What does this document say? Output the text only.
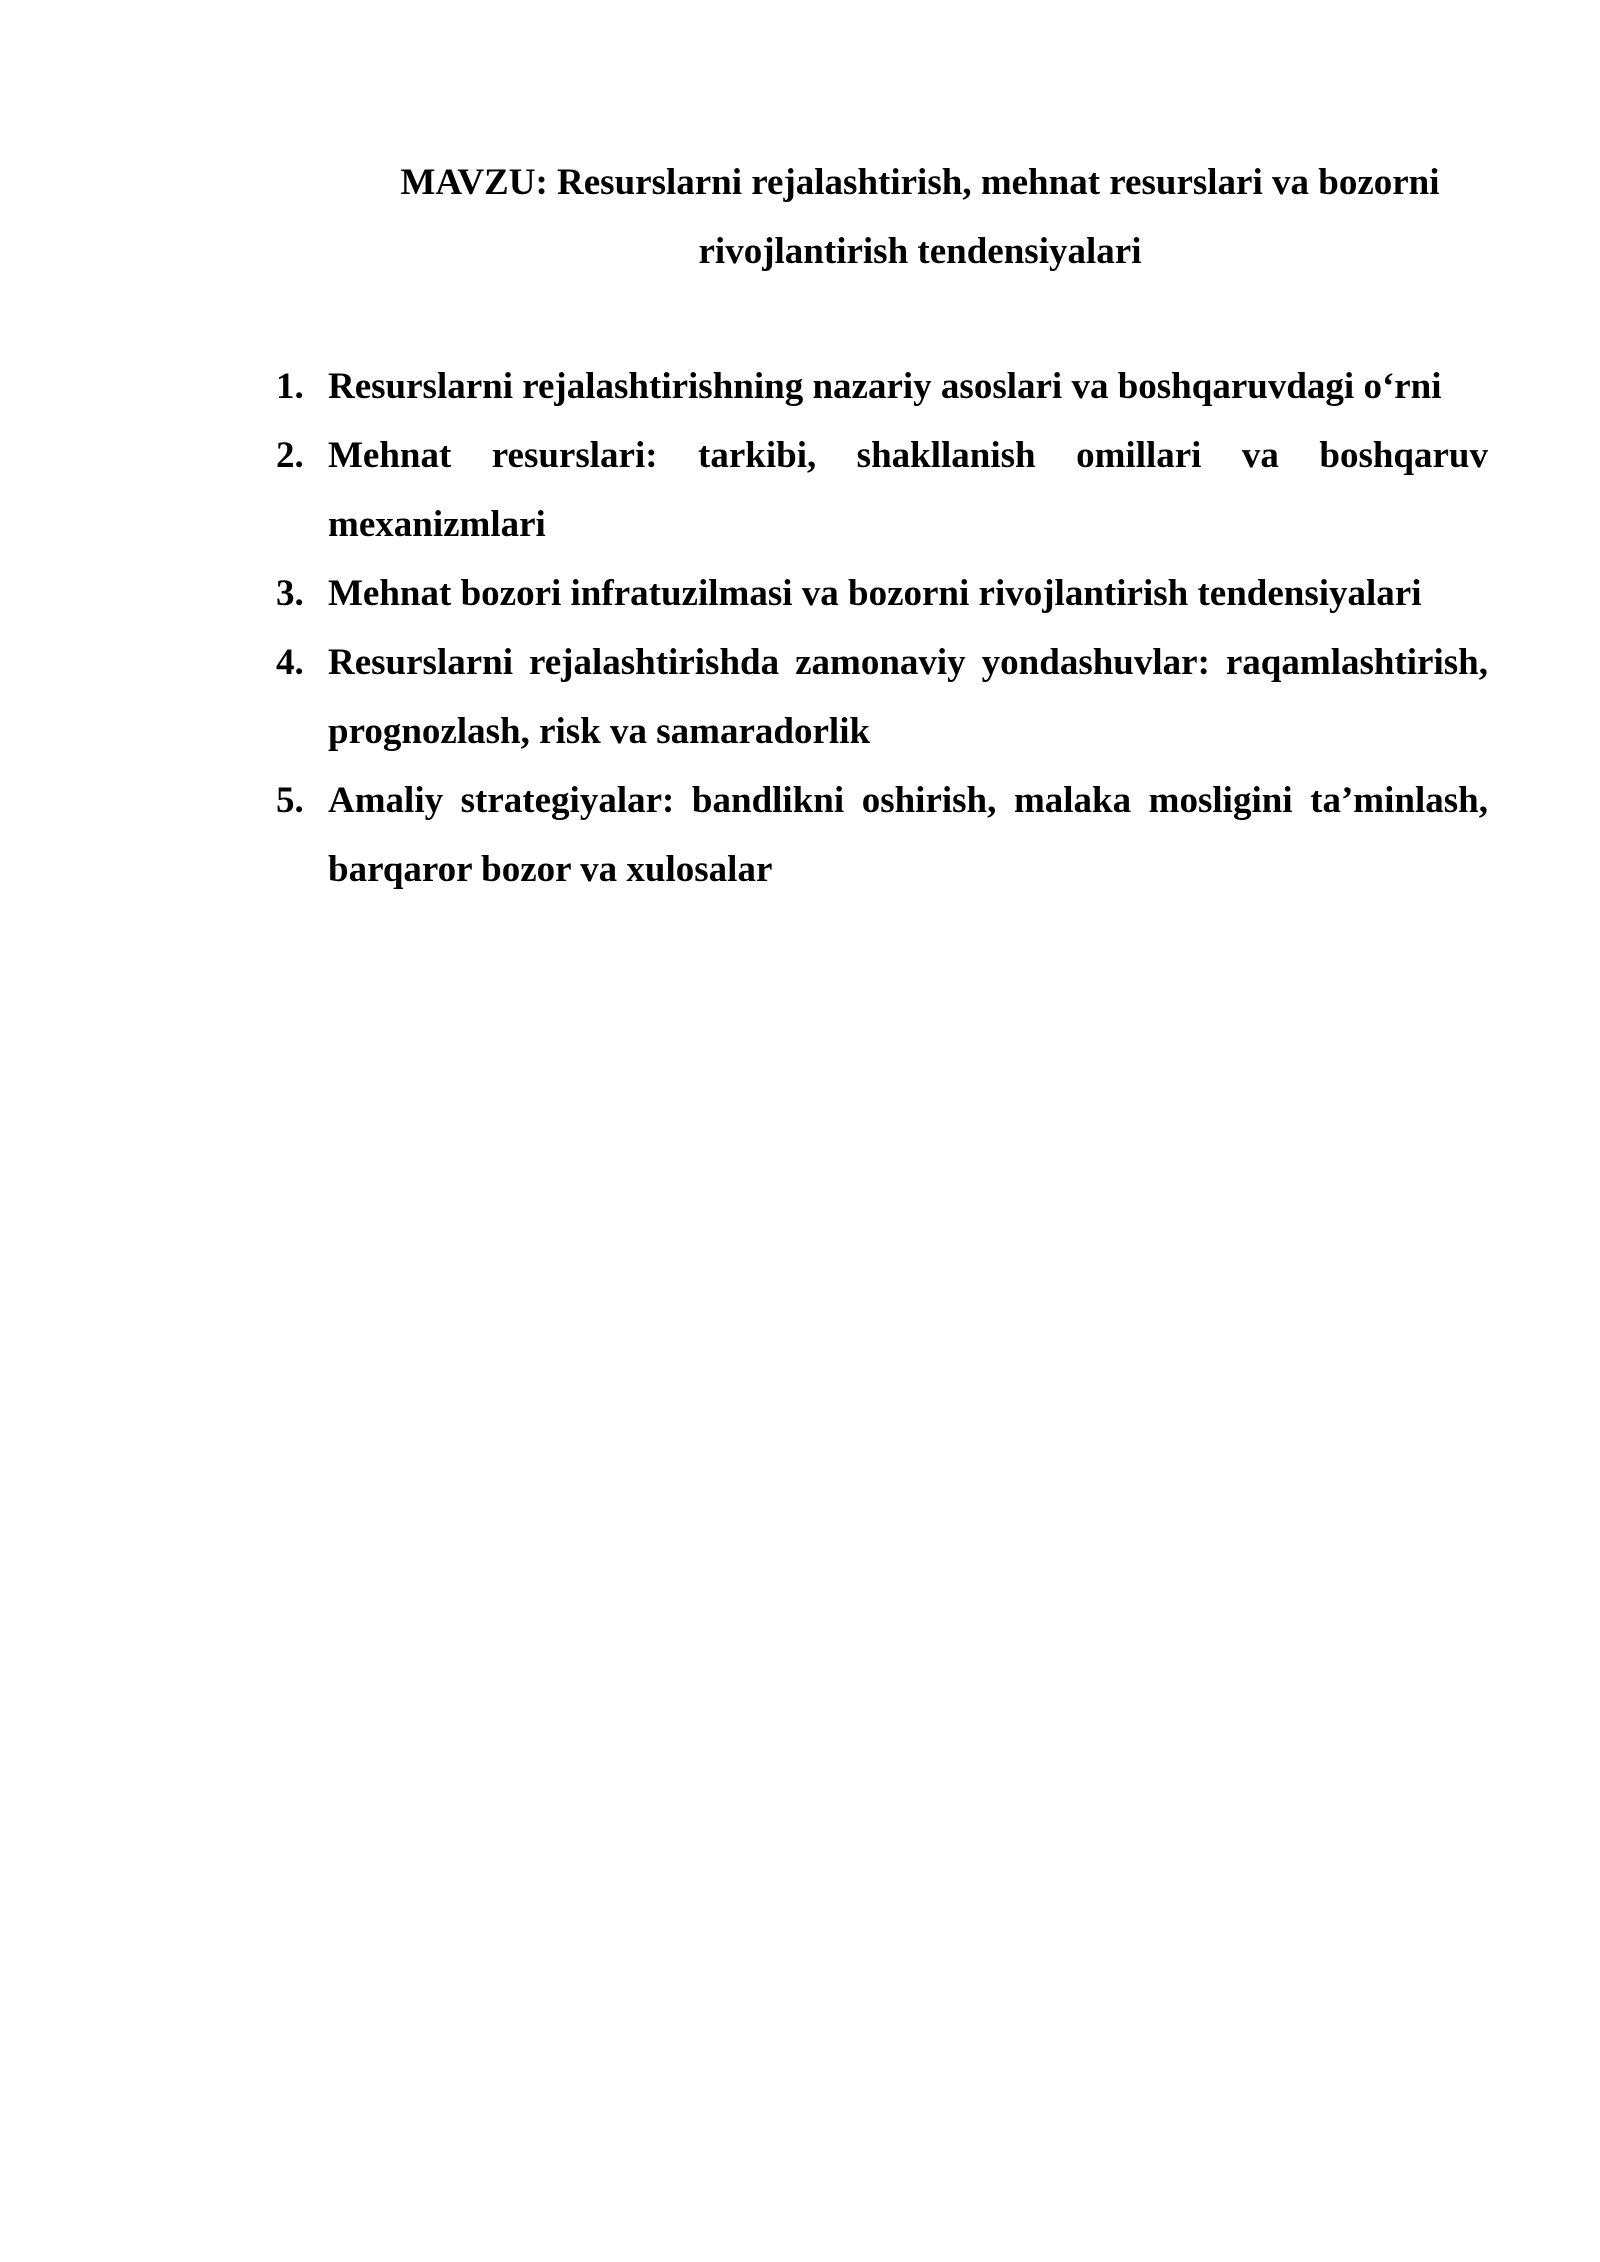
MAVZU: Resurslarni rejalashtirish, mehnat resurslari va bozorni
rivojlantirish tendensiyalari
1. Resurslarni rejalashtirishning nazariy asoslari va boshqaruvdagi o‘rni
2. Mehnat resurslari: tarkibi, shakllanish omillari va boshqaruv mexanizmlari
3. Mehnat bozori infratuzilmasi va bozorni rivojlantirish tendensiyalari
4. Resurslarni rejalashtirishda zamonaviy yondashuvlar: raqamlashtirish, prognozlash, risk va samaradorlik
5. Amaliy strategiyalar: bandlikni oshirish, malaka mosligini ta’minlash, barqaror bozor va xulosalar
